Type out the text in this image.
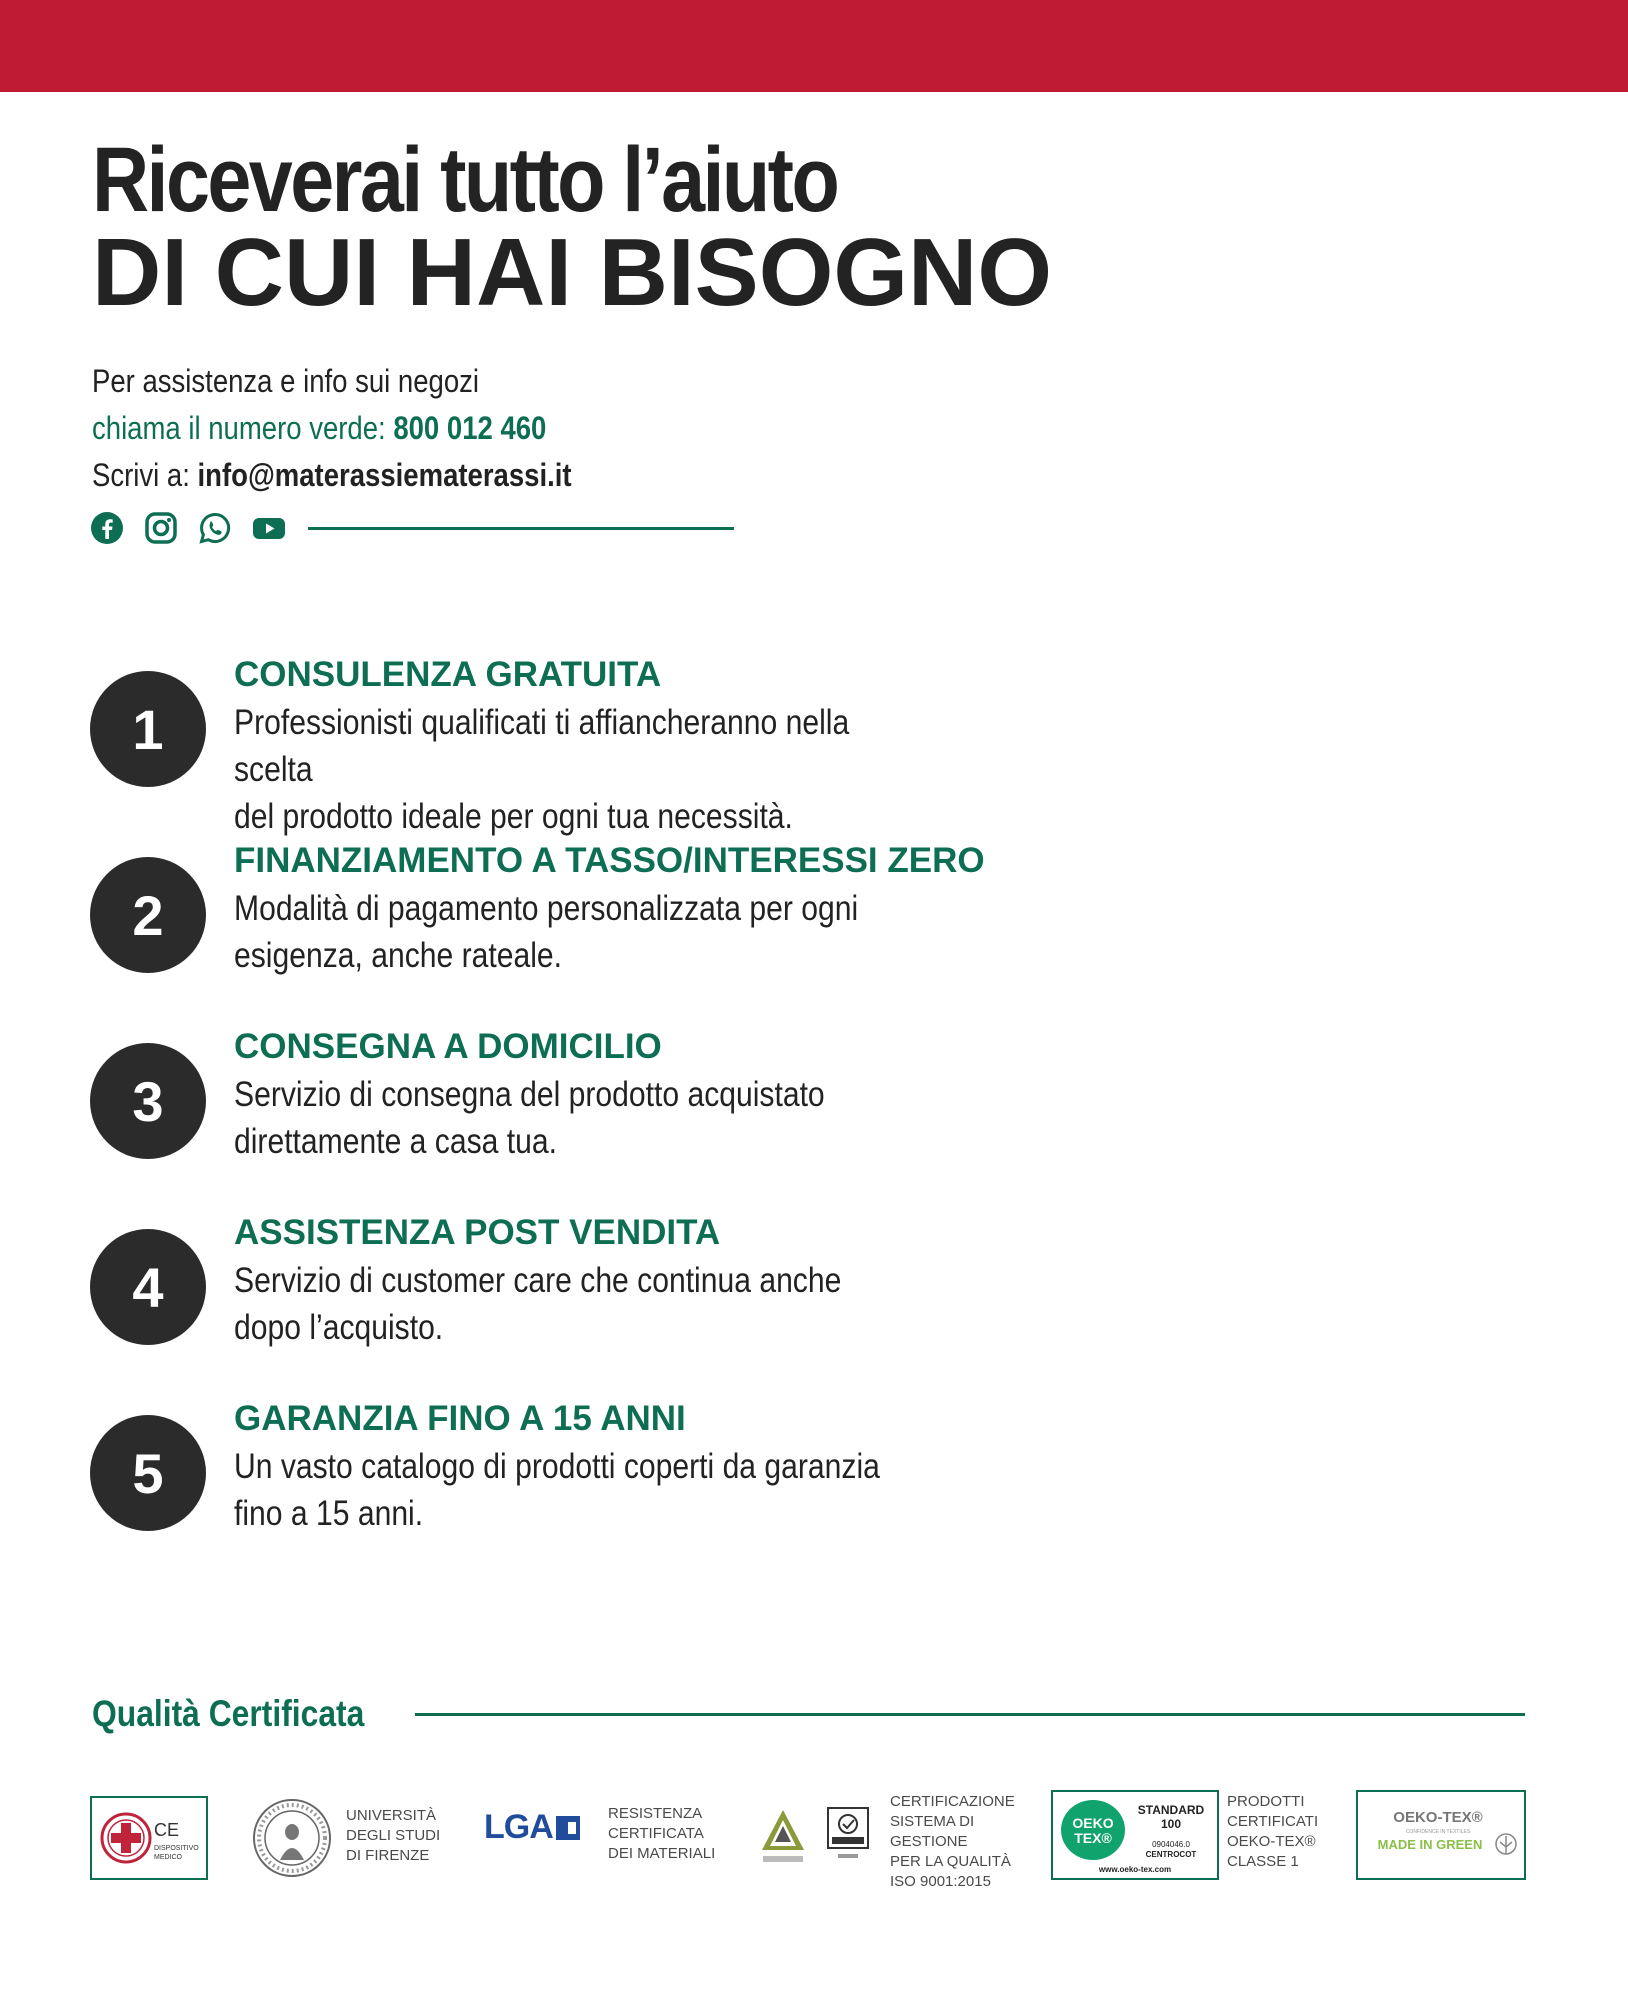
Riceverai tutto l’aiuto
DI CUI HAI BISOGNO
Per assistenza e info sui negozi
chiama il numero verde: 800 012 460
Scrivi a: info@materassiematerassi.it
1
CONSULENZA GRATUITA

Professionisti qualificati ti affiancheranno nella scelta
del prodotto ideale per ogni tua necessità.

2
FINANZIAMENTO A TASSO/INTERESSI ZERO

Modalità di pagamento personalizzata per ogni
esigenza, anche rateale.

3
CONSEGNA A DOMICILIO

Servizio di consegna del prodotto acquistato
direttamente a casa tua.

4
ASSISTENZA POST VENDITA

Servizio di customer care che continua anche
dopo l’acquisto.

5
GARANZIA FINO A 15 ANNI

Un vasto catalogo di prodotti coperti da garanzia
fino a 15 anni.

Qualità Certificata
CE
DISPOSITIVO
MEDICO
UNIVERSITÀ
DEGLI STUDI
DI FIRENZE
LGA	RESISTENZA
CERTIFICATA
DEI MATERIALI
CERTIFICAZIONE
SISTEMA DI
GESTIONE
PER LA QUALITÀ
ISO 9001:2015
OEKO
TEX®
STANDARD
100
0904046.0
CENTROCOT
www.oeko-tex.com
PRODOTTI
CERTIFICATI
OEKO-TEX®
CLASSE 1
OEKO-TEX®
CONFIDENCE IN TEXTILES
MADE IN GREEN
